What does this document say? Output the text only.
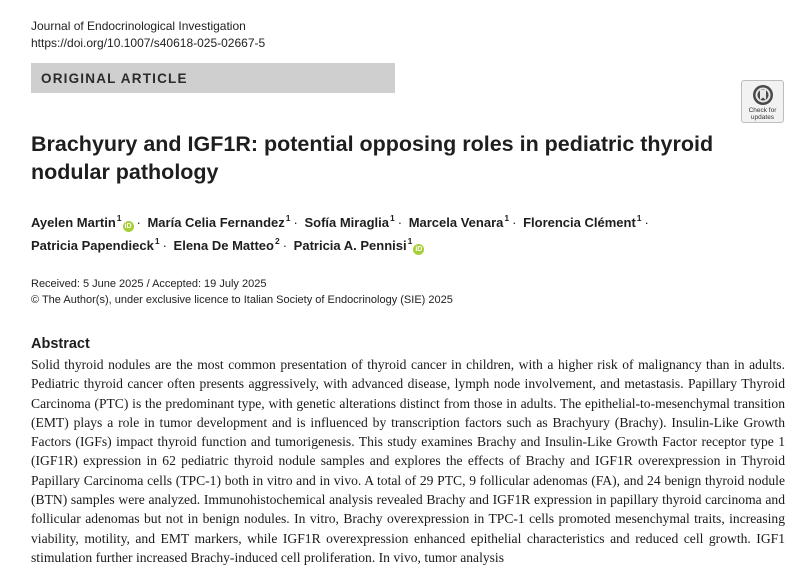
Journal of Endocrinological Investigation
https://doi.org/10.1007/s40618-025-02667-5
ORIGINAL ARTICLE
Check for
updates
Brachyury and IGF1R: potential opposing roles in pediatric thyroid nodular pathology
Ayelen Martin$^1$iD · María Celia Fernandez$^1$ · Sofía Miraglia$^1$ · Marcela Venara$^1$ · Florencia Clément$^1$ ·
Patricia Papendieck$^1$ · Elena De Matteo$^2$ · Patricia A. Pennisi$^1$iD
Received: 5 June 2025 / Accepted: 19 July 2025
© The Author(s), under exclusive licence to Italian Society of Endocrinology (SIE) 2025
Abstract

Solid thyroid nodules are the most common presentation of thyroid cancer in children, with a higher risk of malignancy than in adults. Pediatric thyroid cancer often presents aggressively, with advanced disease, lymph node involvement, and metastasis. Papillary Thyroid Carcinoma (PTC) is the predominant type, with genetic alterations distinct from those in adults. The epithelial-to-mesenchymal transition (EMT) plays a role in tumor development and is influenced by transcription factors such as Brachyury (Brachy). Insulin-Like Growth Factors (IGFs) impact thyroid function and tumorigenesis. This study examines Brachy and Insulin-Like Growth Factor receptor type 1 (IGF1R) expression in 62 pediatric thyroid nodule samples and explores the effects of Brachy and IGF1R overexpression in Thyroid Papillary Carcinoma cells (TPC-1) both in vitro and in vivo. A total of 29 PTC, 9 follicular adenomas (FA), and 24 benign thyroid nodule (BTN) samples were analyzed. Immunohistochemical analysis revealed Brachy and IGF1R expression in papillary thyroid carcinoma and follicular adenomas but not in benign nodules. In vitro, Brachy overexpression in TPC-1 cells promoted mesenchymal traits, increasing viability, motility, and EMT markers, while IGF1R overexpression enhanced epithelial characteristics and reduced cell growth. IGF1 stimulation further increased Brachy-induced cell proliferation. In vivo, tumor analysis
